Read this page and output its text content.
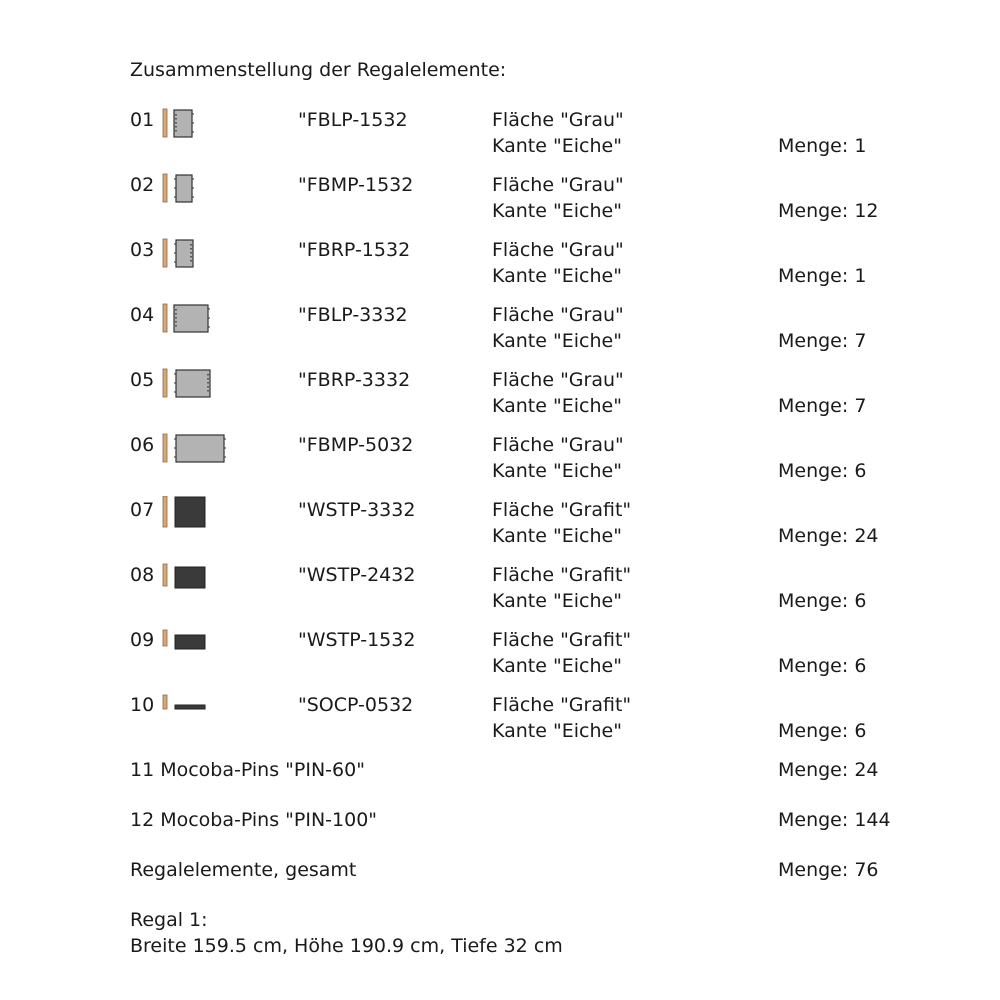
Zusammenstellung der Regalelemente:
01	"FBLP-1532	Fläche "Grau"
Kante "Eiche"	Menge: 1
02	"FBMP-1532	Fläche "Grau"
Kante "Eiche"	Menge: 12
03	"FBRP-1532	Fläche "Grau"
Kante "Eiche"	Menge: 1
04	"FBLP-3332	Fläche "Grau"
Kante "Eiche"	Menge: 7
05	"FBRP-3332	Fläche "Grau"
Kante "Eiche"	Menge: 7
06	"FBMP-5032	Fläche "Grau"
Kante "Eiche"	Menge: 6
07	"WSTP-3332	Fläche "Grafit"
Kante "Eiche"	Menge: 24
08	"WSTP-2432	Fläche "Grafit"
Kante "Eiche"	Menge: 6
09	"WSTP-1532	Fläche "Grafit"
Kante "Eiche"	Menge: 6
10	"SOCP-0532	Fläche "Grafit"
Kante "Eiche"	Menge: 6
11 Mocoba-Pins "PIN-60"	Menge: 24
12 Mocoba-Pins "PIN-100"	Menge: 144
Regalelemente, gesamt	Menge: 76
Regal 1:
Breite 159.5 cm, Höhe 190.9 cm, Tiefe 32 cm
